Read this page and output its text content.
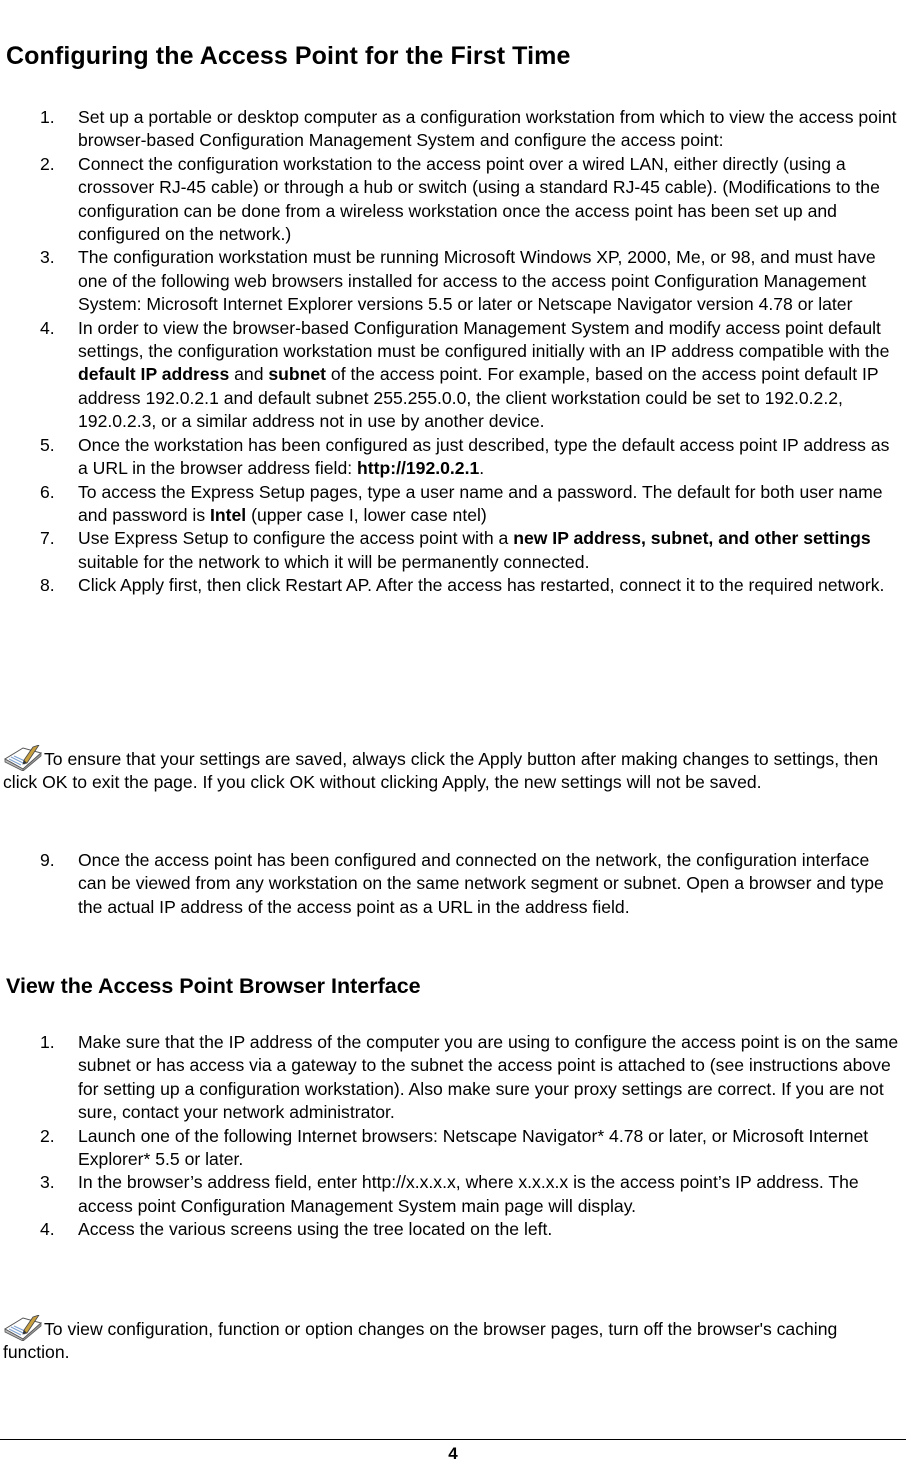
Configuring the Access Point for the First Time
1. Set up a portable or desktop computer as a configuration workstation from which to view the access point browser-based Configuration Management System and configure the access point:
2. Connect the configuration workstation to the access point over a wired LAN, either directly (using a crossover RJ-45 cable) or through a hub or switch (using a standard RJ-45 cable). (Modifications to the configuration can be done from a wireless workstation once the access point has been set up and configured on the network.)
3. The configuration workstation must be running Microsoft Windows XP, 2000, Me, or 98, and must have one of the following web browsers installed for access to the access point Configuration Management System: Microsoft Internet Explorer versions 5.5 or later or Netscape Navigator version 4.78 or later
4. In order to view the browser-based Configuration Management System and modify access point default settings, the configuration workstation must be configured initially with an IP address compatible with the default IP address and subnet of the access point. For example, based on the access point default IP address 192.0.2.1 and default subnet 255.255.0.0, the client workstation could be set to 192.0.2.2, 192.0.2.3, or a similar address not in use by another device.
5. Once the workstation has been configured as just described, type the default access point IP address as a URL in the browser address field: http://192.0.2.1.
6. To access the Express Setup pages, type a user name and a password. The default for both user name and password is Intel (upper case I, lower case ntel)
7. Use Express Setup to configure the access point with a new IP address, subnet, and other settings suitable for the network to which it will be permanently connected.
8. Click Apply first, then click Restart AP. After the access has restarted, connect it to the required network.

To ensure that your settings are saved, always click the Apply button after making changes to settings, then click OK to exit the page. If you click OK without clicking Apply, the new settings will not be saved.

9. Once the access point has been configured and connected on the network, the configuration interface can be viewed from any workstation on the same network segment or subnet. Open a browser and type the actual IP address of the access point as a URL in the address field.
View the Access Point Browser Interface
1. Make sure that the IP address of the computer you are using to configure the access point is on the same subnet or has access via a gateway to the subnet the access point is attached to (see instructions above for setting up a configuration workstation). Also make sure your proxy settings are correct. If you are not sure, contact your network administrator.
2. Launch one of the following Internet browsers: Netscape Navigator* 4.78 or later, or Microsoft Internet Explorer* 5.5 or later.
3. In the browser’s address field, enter http://x.x.x.x, where x.x.x.x is the access point’s IP address. The access point Configuration Management System main page will display.
4. Access the various screens using the tree located on the left.

To view configuration, function or option changes on the browser pages, turn off the browser's caching function.

4
